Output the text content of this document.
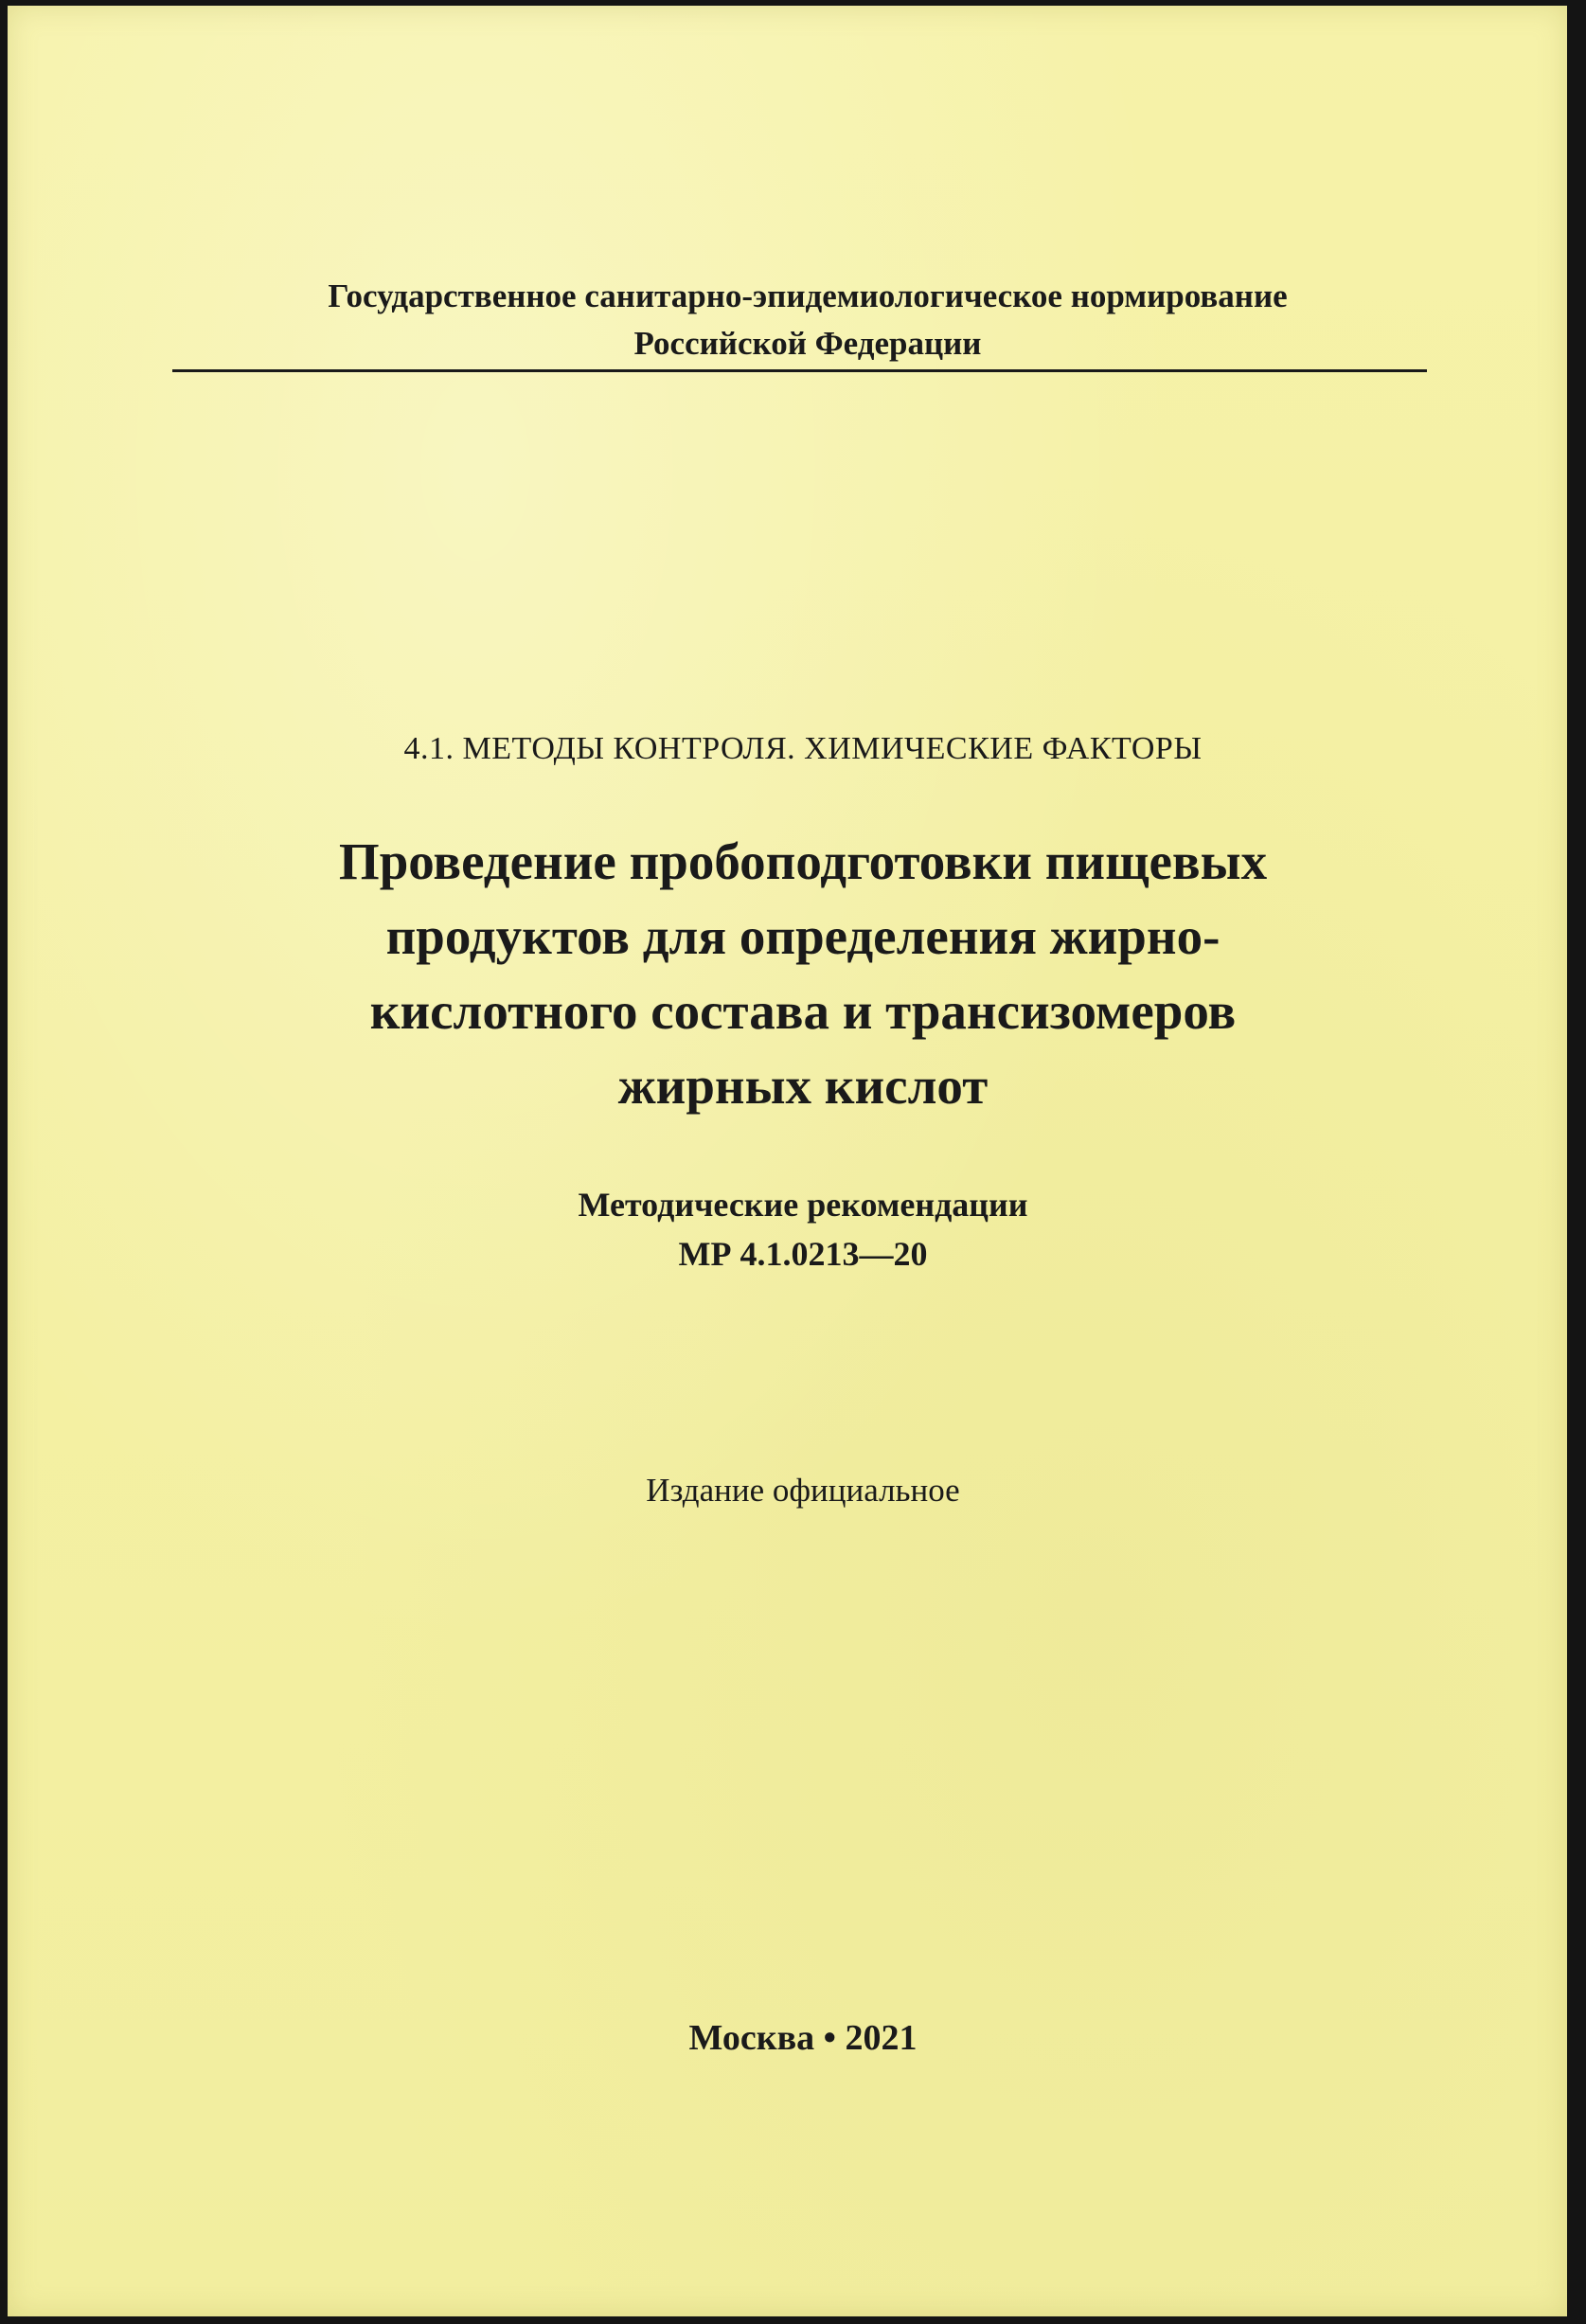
Государственное санитарно-эпидемиологическое нормирование
Российской Федерации
4.1. МЕТОДЫ КОНТРОЛЯ. ХИМИЧЕСКИЕ ФАКТОРЫ
Проведение пробоподготовки пищевых
продуктов для определения жирно-
кислотного состава и трансизомеров
жирных кислот
Методические рекомендации
МР 4.1.0213—20
Издание официальное
Москва • 2021
